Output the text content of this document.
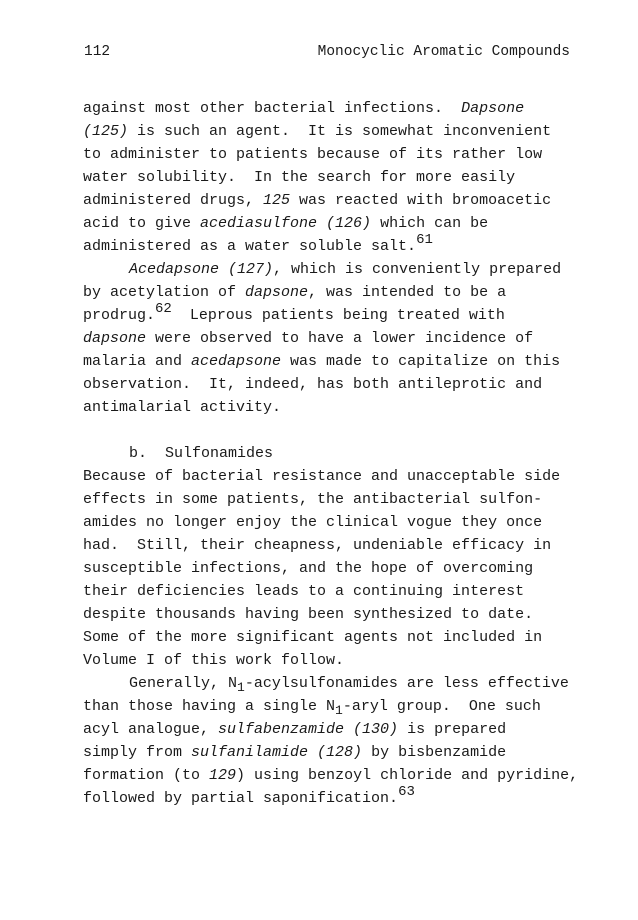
112	Monocyclic Aromatic Compounds
against most other bacterial infections.  Dapsone
(125) is such an agent.  It is somewhat inconvenient
to administer to patients because of its rather low
water solubility.  In the search for more easily
administered drugs, 125 was reacted with bromoacetic
acid to give acediasulfone (126) which can be
administered as a water soluble salt.61
Acedapsone (127), which is conveniently prepared
by acetylation of dapsone, was intended to be a
prodrug.62  Leprous patients being treated with
dapsone were observed to have a lower incidence of
malaria and acedapsone was made to capitalize on this
observation.  It, indeed, has both antileprotic and
antimalarial activity.
b.  Sulfonamides
Because of bacterial resistance and unacceptable side
effects in some patients, the antibacterial sulfon-
amides no longer enjoy the clinical vogue they once
had.  Still, their cheapness, undeniable efficacy in
susceptible infections, and the hope of overcoming
their deficiencies leads to a continuing interest
despite thousands having been synthesized to date.
Some of the more significant agents not included in
Volume I of this work follow.
Generally, N1-acylsulfonamides are less effective
than those having a single N1-aryl group.  One such
acyl analogue, sulfabenzamide (130) is prepared
simply from sulfanilamide (128) by bisbenzamide
formation (to 129) using benzoyl chloride and pyridine,
followed by partial saponification.63
